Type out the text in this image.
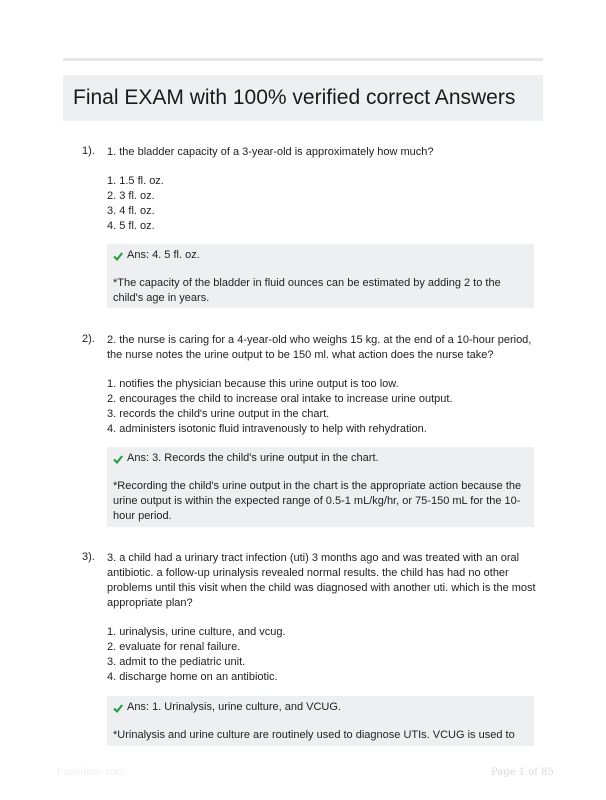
Final EXAM with 100% verified correct Answers
1). 1. the bladder capacity of a 3-year-old is approximately how much?
1. 1.5 fl. oz.
2. 3 fl. oz.
3. 4 fl. oz.
4. 5 fl. oz.
Ans: 4. 5 fl. oz.
*The capacity of the bladder in fluid ounces can be estimated by adding 2 to the child's age in years.
2). 2. the nurse is caring for a 4-year-old who weighs 15 kg. at the end of a 10-hour period, the nurse notes the urine output to be 150 ml. what action does the nurse take?
1. notifies the physician because this urine output is too low.
2. encourages the child to increase oral intake to increase urine output.
3. records the child's urine output in the chart.
4. administers isotonic fluid intravenously to help with rehydration.
Ans: 3. Records the child's urine output in the chart.
*Recording the child's urine output in the chart is the appropriate action because the urine output is within the expected range of 0.5-1 mL/kg/hr, or 75-150 mL for the 10-hour period.
3). 3. a child had a urinary tract infection (uti) 3 months ago and was treated with an oral antibiotic. a follow-up urinalysis revealed normal results. the child has had no other problems until this visit when the child was diagnosed with another uti. which is the most appropriate plan?
1. urinalysis, urine culture, and vcug.
2. evaluate for renal failure.
3. admit to the pediatric unit.
4. discharge home on an antibiotic.
Ans: 1. Urinalysis, urine culture, and VCUG.
*Urinalysis and urine culture are routinely used to diagnose UTIs. VCUG is used to
Paperfitter.com	Page 1 of 85
